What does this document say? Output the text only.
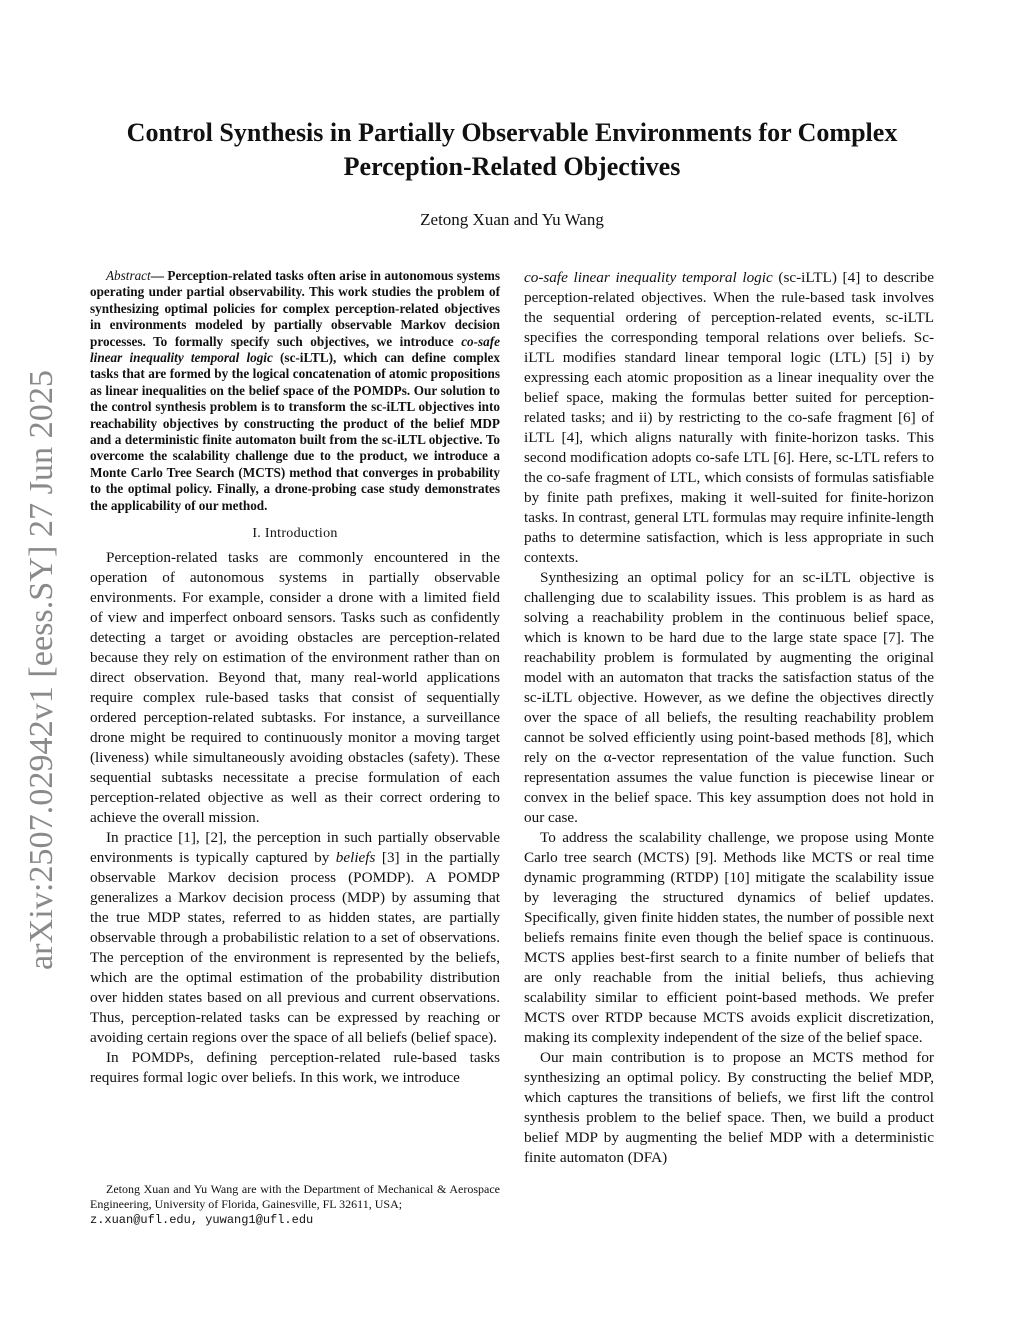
arXiv:2507.02942v1 [eess.SY] 27 Jun 2025
Control Synthesis in Partially Observable Environments for Complex
Perception-Related Objectives
Zetong Xuan and Yu Wang

Abstract— Perception-related tasks often arise in autonomous systems operating under partial observability. This work studies the problem of synthesizing optimal policies for complex perception-related objectives in environments modeled by partially observable Markov decision processes. To formally specify such objectives, we introduce co-safe linear inequality temporal logic (sc-iLTL), which can define complex tasks that are formed by the logical concatenation of atomic propositions as linear inequalities on the belief space of the POMDPs. Our solution to the control synthesis problem is to transform the sc-iLTL objectives into reachability objectives by constructing the product of the belief MDP and a deterministic finite automaton built from the sc-iLTL objective. To overcome the scalability challenge due to the product, we introduce a Monte Carlo Tree Search (MCTS) method that converges in probability to the optimal policy. Finally, a drone-probing case study demonstrates the applicability of our method.

I. Introduction

Perception-related tasks are commonly encountered in the operation of autonomous systems in partially observable environments. For example, consider a drone with a limited field of view and imperfect onboard sensors. Tasks such as confidently detecting a target or avoiding obstacles are perception-related because they rely on estimation of the environment rather than on direct observation. Beyond that, many real-world applications require complex rule-based tasks that consist of sequentially ordered perception-related subtasks. For instance, a surveillance drone might be required to continuously monitor a moving target (liveness) while simultaneously avoiding obstacles (safety). These sequential subtasks necessitate a precise formulation of each perception-related objective as well as their correct ordering to achieve the overall mission.

In practice [1], [2], the perception in such partially observable environments is typically captured by beliefs [3] in the partially observable Markov decision process (POMDP). A POMDP generalizes a Markov decision process (MDP) by assuming that the true MDP states, referred to as hidden states, are partially observable through a probabilistic relation to a set of observations. The perception of the environment is represented by the beliefs, which are the optimal estimation of the probability distribution over hidden states based on all previous and current observations. Thus, perception-related tasks can be expressed by reaching or avoiding certain regions over the space of all beliefs (belief space).

In POMDPs, defining perception-related rule-based tasks requires formal logic over beliefs. In this work, we introduce

Zetong Xuan and Yu Wang are with the Department of Mechanical & Aerospace Engineering, University of Florida, Gainesville, FL 32611, USA;
z.xuan@ufl.edu, yuwang1@ufl.edu

co-safe linear inequality temporal logic (sc-iLTL) [4] to describe perception-related objectives. When the rule-based task involves the sequential ordering of perception-related events, sc-iLTL specifies the corresponding temporal relations over beliefs. Sc-iLTL modifies standard linear temporal logic (LTL) [5] i) by expressing each atomic proposition as a linear inequality over the belief space, making the formulas better suited for perception-related tasks; and ii) by restricting to the co-safe fragment [6] of iLTL [4], which aligns naturally with finite-horizon tasks. This second modification adopts co-safe LTL [6]. Here, sc-LTL refers to the co-safe fragment of LTL, which consists of formulas satisfiable by finite path prefixes, making it well-suited for finite-horizon tasks. In contrast, general LTL formulas may require infinite-length paths to determine satisfaction, which is less appropriate in such contexts.

Synthesizing an optimal policy for an sc-iLTL objective is challenging due to scalability issues. This problem is as hard as solving a reachability problem in the continuous belief space, which is known to be hard due to the large state space [7]. The reachability problem is formulated by augmenting the original model with an automaton that tracks the satisfaction status of the sc-iLTL objective. However, as we define the objectives directly over the space of all beliefs, the resulting reachability problem cannot be solved efficiently using point-based methods [8], which rely on the α-vector representation of the value function. Such representation assumes the value function is piecewise linear or convex in the belief space. This key assumption does not hold in our case.

To address the scalability challenge, we propose using Monte Carlo tree search (MCTS) [9]. Methods like MCTS or real time dynamic programming (RTDP) [10] mitigate the scalability issue by leveraging the structured dynamics of belief updates. Specifically, given finite hidden states, the number of possible next beliefs remains finite even though the belief space is continuous. MCTS applies best-first search to a finite number of beliefs that are only reachable from the initial beliefs, thus achieving scalability similar to efficient point-based methods. We prefer MCTS over RTDP because MCTS avoids explicit discretization, making its complexity independent of the size of the belief space.

Our main contribution is to propose an MCTS method for synthesizing an optimal policy. By constructing the belief MDP, which captures the transitions of beliefs, we first lift the control synthesis problem to the belief space. Then, we build a product belief MDP by augmenting the belief MDP with a deterministic finite automaton (DFA)
